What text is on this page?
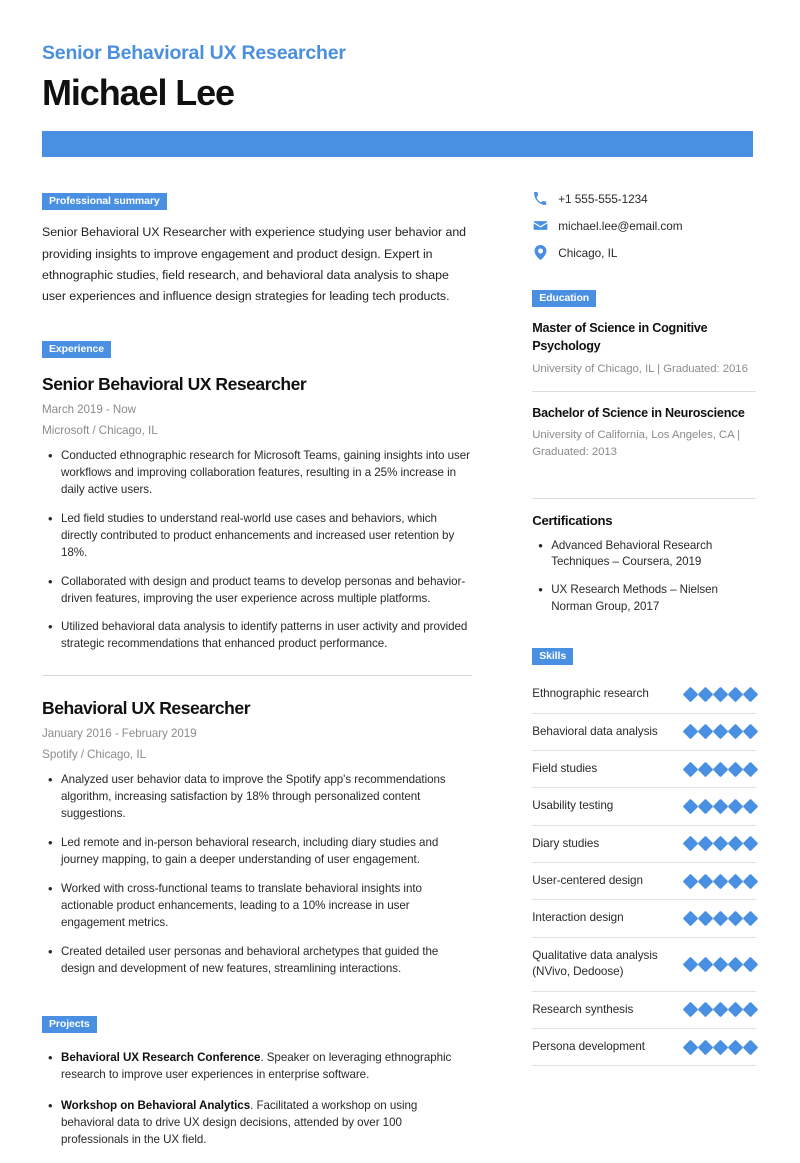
Senior Behavioral UX Researcher
Michael Lee
Professional summary

Senior Behavioral UX Researcher with experience studying user behavior and providing insights to improve engagement and product design. Expert in ethnographic studies, field research, and behavioral data analysis to shape user experiences and influence design strategies for leading tech products.

Experience
Senior Behavioral UX Researcher
March 2019 - Now
Microsoft / Chicago, IL
• Conducted ethnographic research for Microsoft Teams, gaining insights into user workflows and improving collaboration features, resulting in a 25% increase in daily active users.
• Led field studies to understand real-world use cases and behaviors, which directly contributed to product enhancements and increased user retention by 18%.
• Collaborated with design and product teams to develop personas and behavior-driven features, improving the user experience across multiple platforms.
• Utilized behavioral data analysis to identify patterns in user activity and provided strategic recommendations that enhanced product performance.
Behavioral UX Researcher
January 2016 - February 2019
Spotify / Chicago, IL
• Analyzed user behavior data to improve the Spotify app's recommendations algorithm, increasing satisfaction by 18% through personalized content suggestions.
• Led remote and in-person behavioral research, including diary studies and journey mapping, to gain a deeper understanding of user engagement.
• Worked with cross-functional teams to translate behavioral insights into actionable product enhancements, leading to a 10% increase in user engagement metrics.
• Created detailed user personas and behavioral archetypes that guided the design and development of new features, streamlining interactions.
Projects
• Behavioral UX Research Conference. Speaker on leveraging ethnographic research to improve user experiences in enterprise software.
• Workshop on Behavioral Analytics. Facilitated a workshop on using behavioral data to drive UX design decisions, attended by over 100 professionals in the UX field.
+1 555-555-1234
michael.lee@email.com
Chicago, IL
Education
Master of Science in Cognitive Psychology
University of Chicago, IL | Graduated: 2016
Bachelor of Science in Neuroscience
University of California, Los Angeles, CA | Graduated: 2013
Certifications
• Advanced Behavioral Research Techniques – Coursera, 2019
• UX Research Methods – Nielsen Norman Group, 2017
Skills
Ethnographic research
Behavioral data analysis
Field studies
Usability testing
Diary studies
User-centered design
Interaction design
Qualitative data analysis (NVivo, Dedoose)
Research synthesis
Persona development
